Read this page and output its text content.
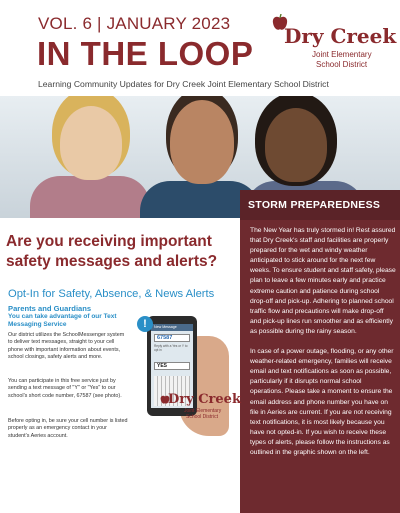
VOL. 6 | JANUARY 2023
IN THE LOOP
Learning Community Updates for Dry Creek Joint Elementary School District
Dry Creek
Joint Elementary
School District
STORM PREPAREDNESS

The New Year has truly stormed in! Rest assured that Dry Creek's staff and facilities are properly prepared for the wet and windy weather anticipated to stick around for the next few weeks. To ensure student and staff safety, please plan to leave a few minutes early and practice extreme caution and patience during school drop-off and pick-up. Adhering to planned school traffic flow and precautions will make drop-off and pick-up lines run smoother and as efficiently as possible during the rainy season.

In case of a power outage, flooding, or any other weather-related emergency, families will receive email and text notifications as soon as possible, particularly if it disrupts normal school operations. Please take a moment to ensure the email address and phone number you have on file in Aeries are current. If you are not receiving text notifications, it is most likely because you have not opted-in. If you wish to receive these types of alerts, please follow the instructions as outlined in the graphic shown on the left.

Are you receiving important safety messages and alerts?
Opt-In for Safety, Absence, & News Alerts
Parents and Guardians
You can take advantage of our Text Messaging Service
Our district utilizes the SchoolMessenger system to deliver text messages, straight to your cell phone with important information about events, school closings, safety alerts and more.
You can participate in this free service just by sending a text message of "Y" or "Yes" to our school's short code number, 67587 (see photo).
Before opting in, be sure your cell number is listed properly as an emergency contact in your student's Aeries account.
New Message
67587
Reply with a Yes or Y to opt in
YES
!
Dry Creek
Joint Elementary
School District
